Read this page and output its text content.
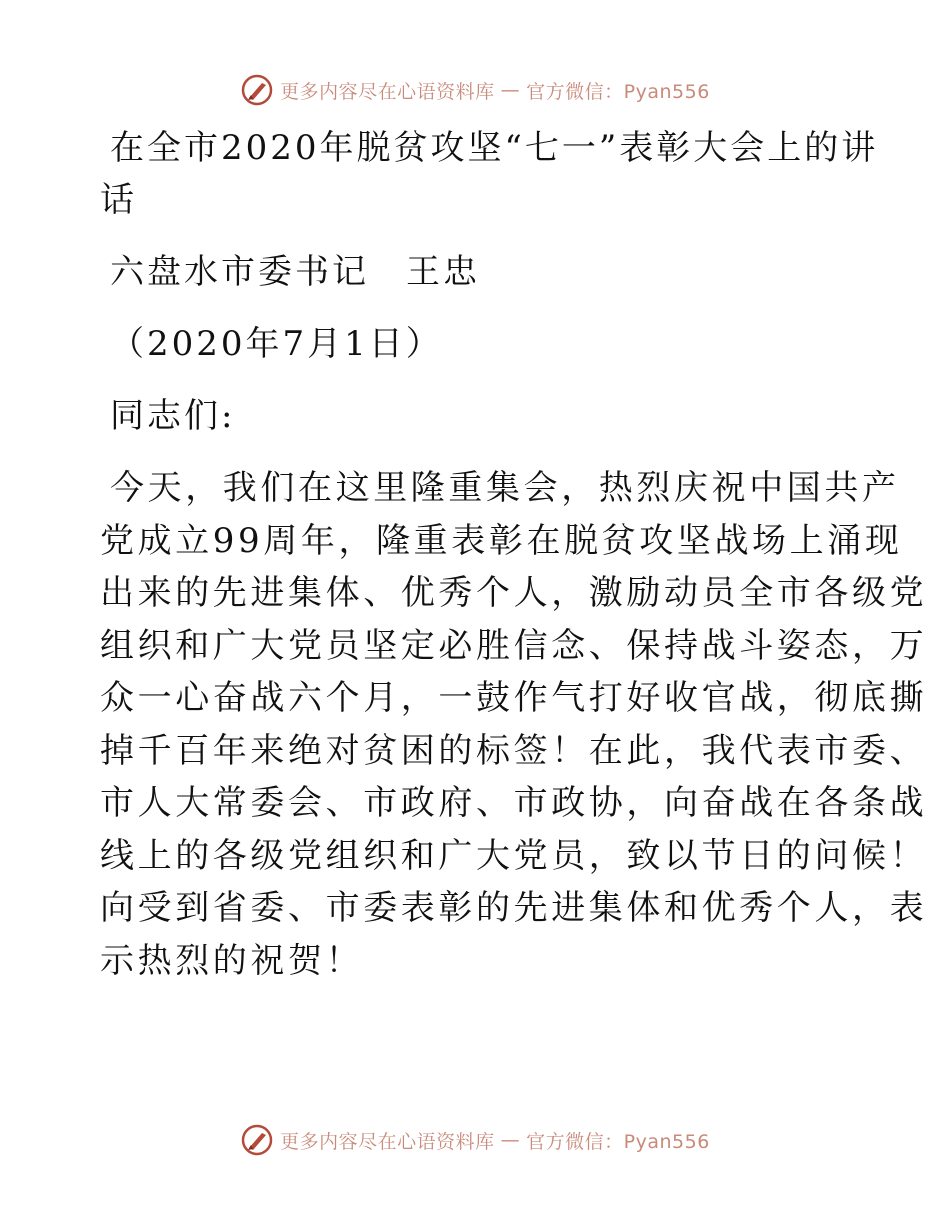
更多内容尽在心语资料库 — 官方微信：Pyan556
在全市2020年脱贫攻坚“七一”表彰大会上的讲
话
六盘水市委书记　王忠
（2020年7月1日）
同志们:
今天，我们在这里隆重集会，热烈庆祝中国共产
党成立99周年，隆重表彰在脱贫攻坚战场上涌现
出来的先进集体、优秀个人，激励动员全市各级党
组织和广大党员坚定必胜信念、保持战斗姿态，万
众一心奋战六个月，一鼓作气打好收官战，彻底撕
掉千百年来绝对贫困的标签！在此，我代表市委、
市人大常委会、市政府、市政协，向奋战在各条战
线上的各级党组织和广大党员，致以节日的问候！
向受到省委、市委表彰的先进集体和优秀个人，表
示热烈的祝贺！
更多内容尽在心语资料库 — 官方微信：Pyan556
